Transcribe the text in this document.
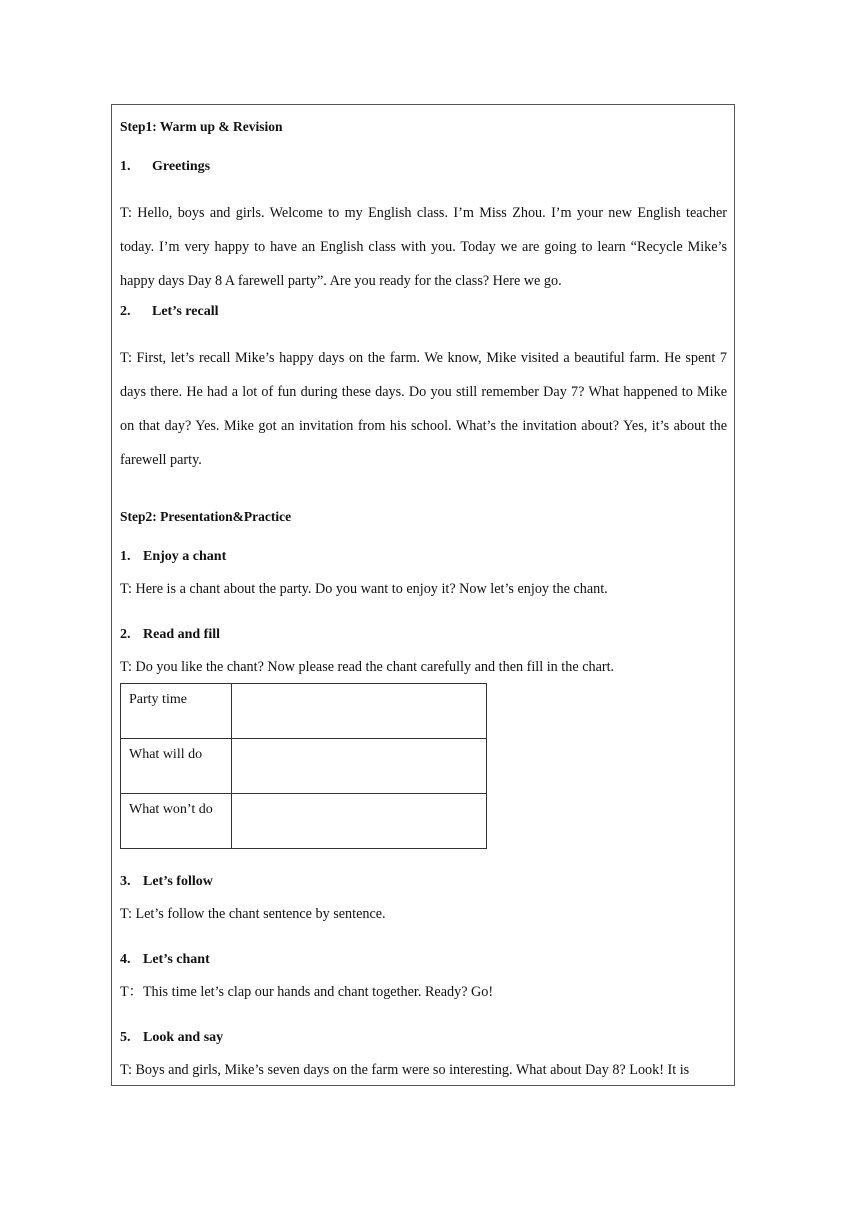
Step1: Warm up & Revision
1. Greetings

T: Hello, boys and girls. Welcome to my English class. I’m Miss Zhou. I’m your new English teacher today. I’m very happy to have an English class with you. Today we are going to learn “Recycle Mike’s happy days Day 8 A farewell party”. Are you ready for the class? Here we go.

2. Let’s recall

T: First, let’s recall Mike’s happy days on the farm. We know, Mike visited a beautiful farm. He spent 7 days there. He had a lot of fun during these days. Do you still remember Day 7? What happened to Mike on that day? Yes. Mike got an invitation from his school. What’s the invitation about? Yes, it’s about the farewell party.

Step2: Presentation&Practice
1. Enjoy a chant
T: Here is a chant about the party. Do you want to enjoy it? Now let’s enjoy the chant.
2. Read and fill
T: Do you like the chant? Now please read the chant carefully and then fill in the chart.
Party time	
What will do	
What won’t do	
3. Let’s follow
T: Let’s follow the chant sentence by sentence.
4. Let’s chant
T：This time let’s clap our hands and chant together. Ready? Go!
5. Look and say
T: Boys and girls, Mike’s seven days on the farm were so interesting. What about Day 8? Look! It is
